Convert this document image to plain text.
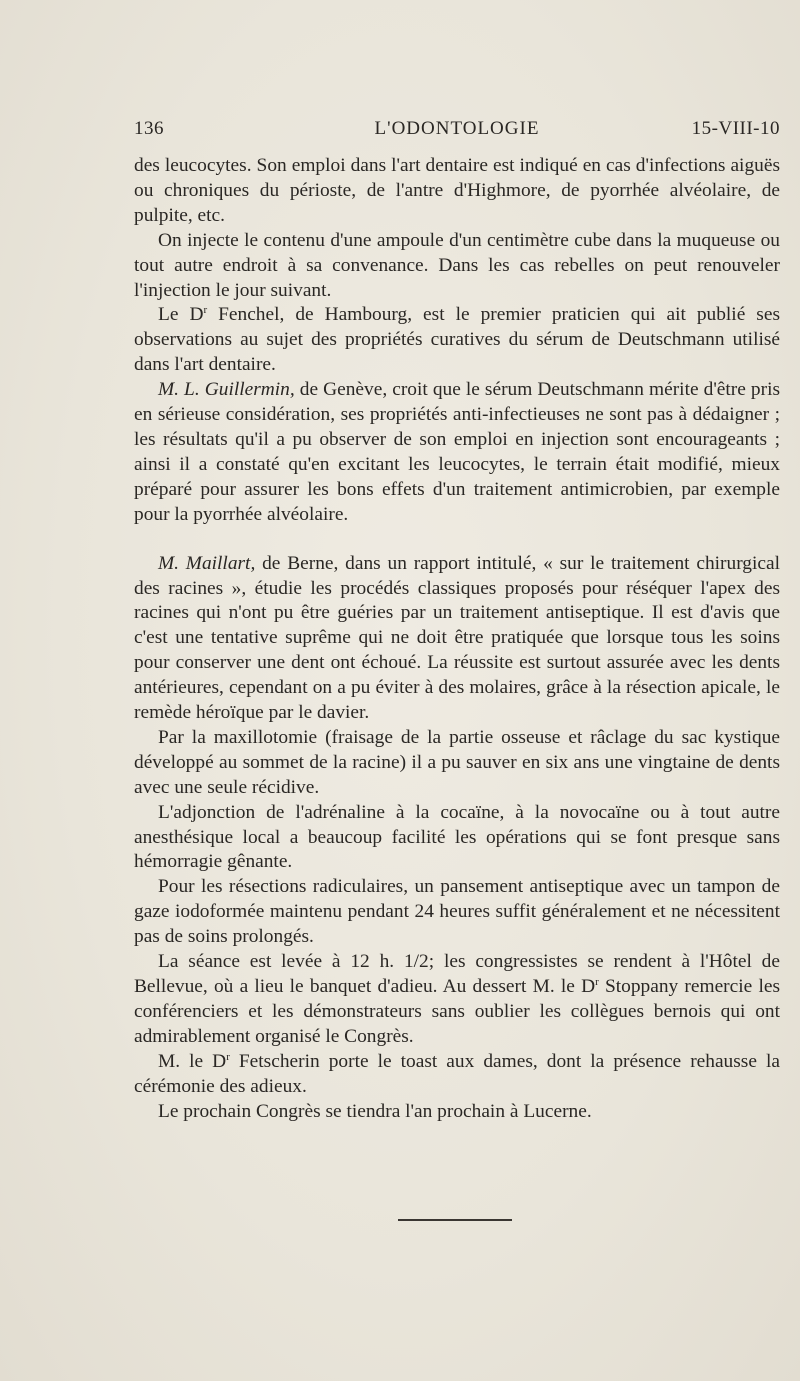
136	L'ODONTOLOGIE	15-VIII-10

des leucocytes. Son emploi dans l'art dentaire est indiqué en cas d'infections aiguës ou chroniques du périoste, de l'antre d'Highmore, de pyorrhée alvéolaire, de pulpite, etc.

On injecte le contenu d'une ampoule d'un centimètre cube dans la muqueuse ou tout autre endroit à sa convenance. Dans les cas rebelles on peut renouveler l'injection le jour suivant.

Le $D^r$ Fenchel, de Hambourg, est le premier praticien qui ait publié ses observations au sujet des propriétés curatives du sérum de Deutschmann utilisé dans l'art dentaire.

M. L. Guillermin, de Genève, croit que le sérum Deutschmann mérite d'être pris en sérieuse considération, ses propriétés anti-infectieuses ne sont pas à dédaigner ; les résultats qu'il a pu observer de son emploi en injection sont encourageants ; ainsi il a constaté qu'en excitant les leucocytes, le terrain était modifié, mieux préparé pour assurer les bons effets d'un traitement antimicrobien, par exemple pour la pyorrhée alvéolaire.

M. Maillart, de Berne, dans un rapport intitulé, « sur le traitement chirurgical des racines », étudie les procédés classiques proposés pour réséquer l'apex des racines qui n'ont pu être guéries par un traitement antiseptique. Il est d'avis que c'est une tentative suprême qui ne doit être pratiquée que lorsque tous les soins pour conserver une dent ont échoué. La réussite est surtout assurée avec les dents antérieures, cependant on a pu éviter à des molaires, grâce à la résection apicale, le remède héroïque par le davier.

Par la maxillotomie (fraisage de la partie osseuse et râclage du sac kystique développé au sommet de la racine) il a pu sauver en six ans une vingtaine de dents avec une seule récidive.

L'adjonction de l'adrénaline à la cocaïne, à la novocaïne ou à tout autre anesthésique local a beaucoup facilité les opérations qui se font presque sans hémorragie gênante.

Pour les résections radiculaires, un pansement antiseptique avec un tampon de gaze iodoformée maintenu pendant 24 heures suffit généralement et ne nécessitent pas de soins prolongés.

La séance est levée à 12 h. 1/2; les congressistes se rendent à l'Hôtel de Bellevue, où a lieu le banquet d'adieu. Au dessert M. le $D^r$ Stoppany remercie les conférenciers et les démonstrateurs sans oublier les collègues bernois qui ont admirablement organisé le Congrès.

M. le $D^r$ Fetscherin porte le toast aux dames, dont la présence rehausse la cérémonie des adieux.

Le prochain Congrès se tiendra l'an prochain à Lucerne.
